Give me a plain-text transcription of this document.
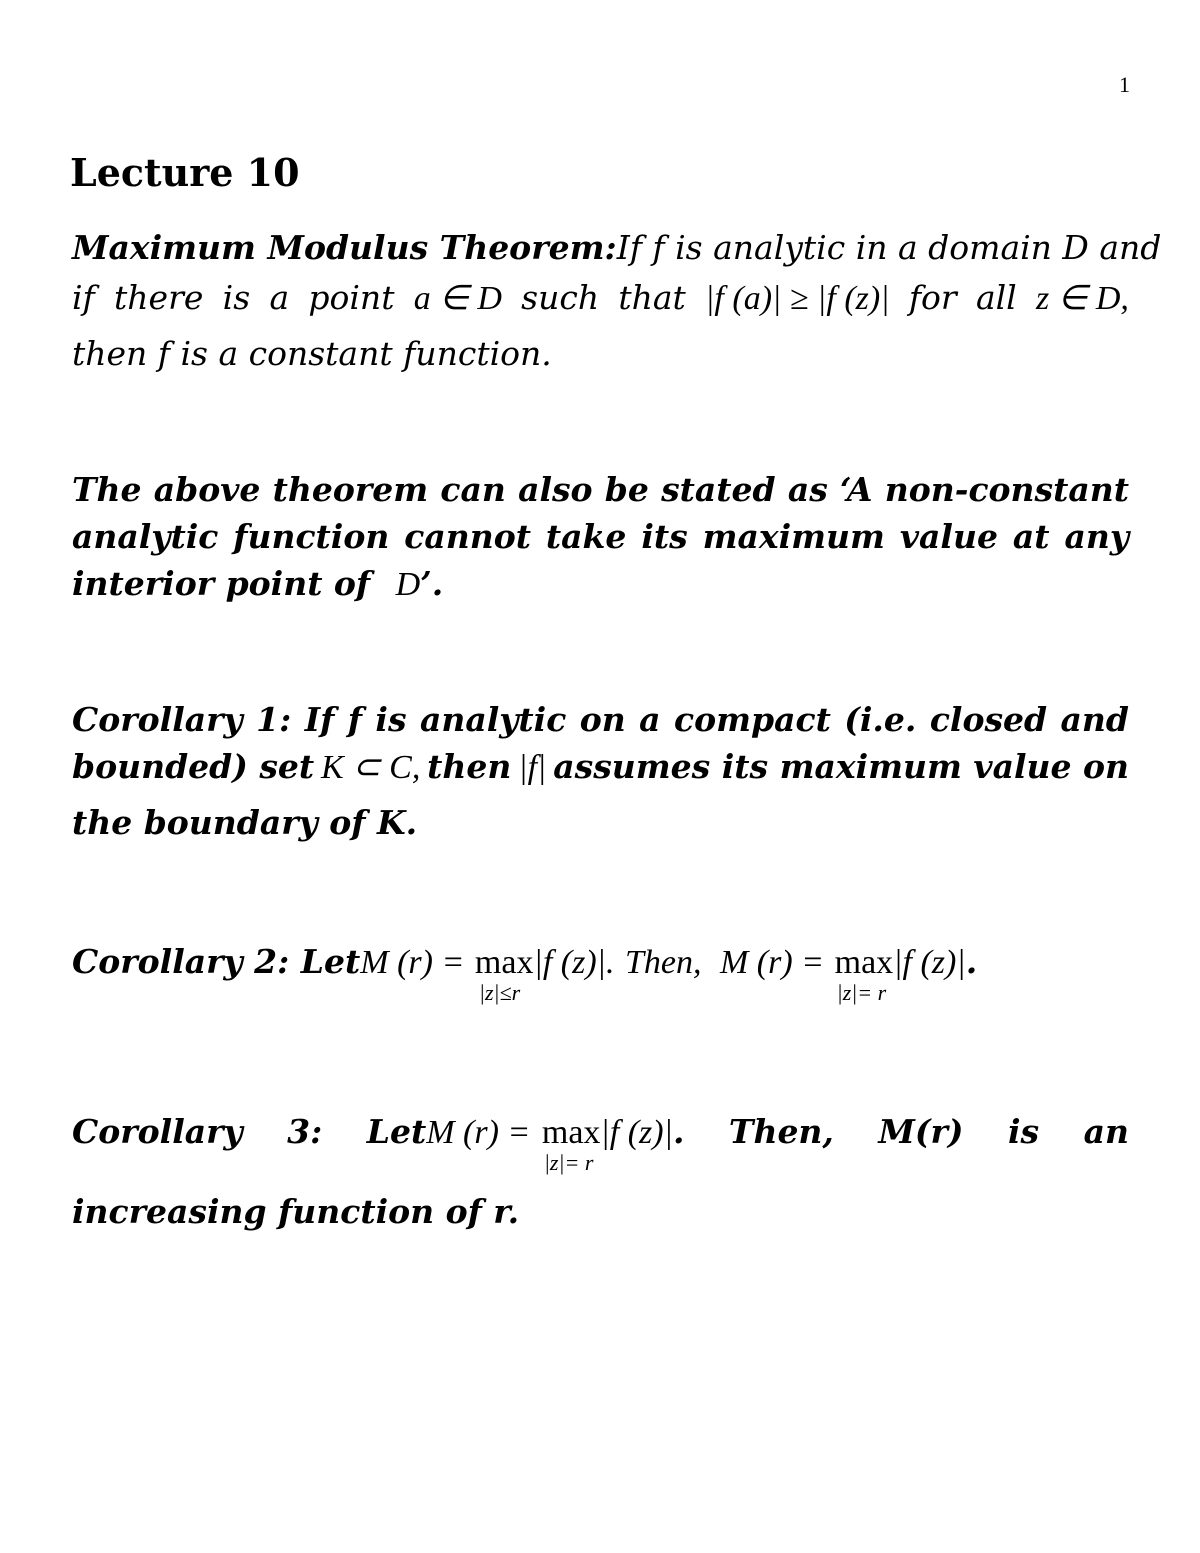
1
Lecture 10
Maximum Modulus Theorem: If f is analytic in a domain D and
if there is a point a ∈ D such that |f (a)| ≥ |f (z)| for all z ∈ D,
then f is a constant function.
The above theorem can also be stated as ‘A non-constant
analytic function cannot take its maximum value at any
interior point of D’.
Corollary 1: If f is analytic on a compact (i.e. closed and
bounded) set K ⊂ C, then |f| assumes its maximum value on
the boundary of K.
Corollary 2: LetM (r) = max
|z|≤r
|f (z)|. Then, M (r) = max
|z|= r
|f (z)|.
Corollary 3: LetM (r) = max
|z|= r
|f (z)|. Then, M(r) is an
increasing function of r.
